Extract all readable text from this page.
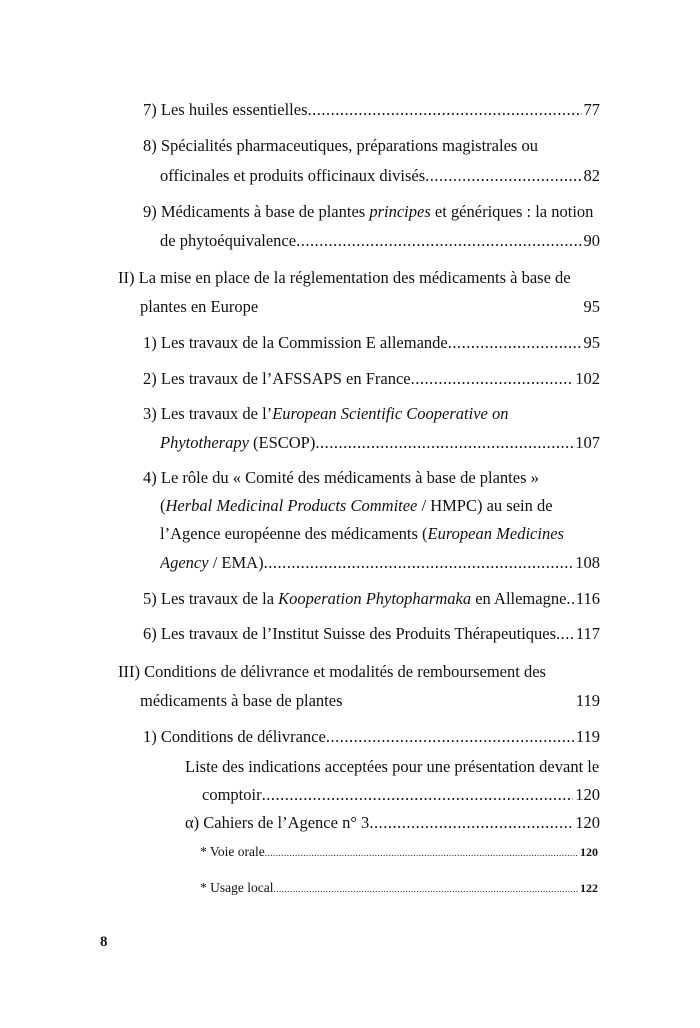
7) Les huiles essentielles .....	77
8) Spécialités pharmaceutiques, préparations magistrales ou
officinales et produits officinaux divisés .....	82
9) Médicaments à base de plantes principes et génériques : la notion
de phytoéquivalence .....	90
II) La mise en place de la réglementation des médicaments à base de
plantes en Europe	95
1) Les travaux de la Commission E allemande .....	95
2) Les travaux de l’AFSSAPS en France .....	102
3) Les travaux de l’European Scientific Cooperative on
Phytotherapy (ESCOP) .....	107
4) Le rôle du « Comité des médicaments à base de plantes »
(Herbal Medicinal Products Commitee / HMPC) au sein de
l’Agence européenne des médicaments (European Medicines
Agency / EMA) .....	108
5) Les travaux de la Kooperation Phytopharmaka en Allemagne ..... 116
6) Les travaux de l’Institut Suisse des Produits Thérapeutiques ..... 117
III) Conditions de délivrance et modalités de remboursement des
médicaments à base de plantes	119
1) Conditions de délivrance .....	119
Liste des indications acceptées pour une présentation devant le
comptoir .....	120
α) Cahiers de l’Agence n° 3 .....	120
* Voie orale .....	120
* Usage local .....	122
8
